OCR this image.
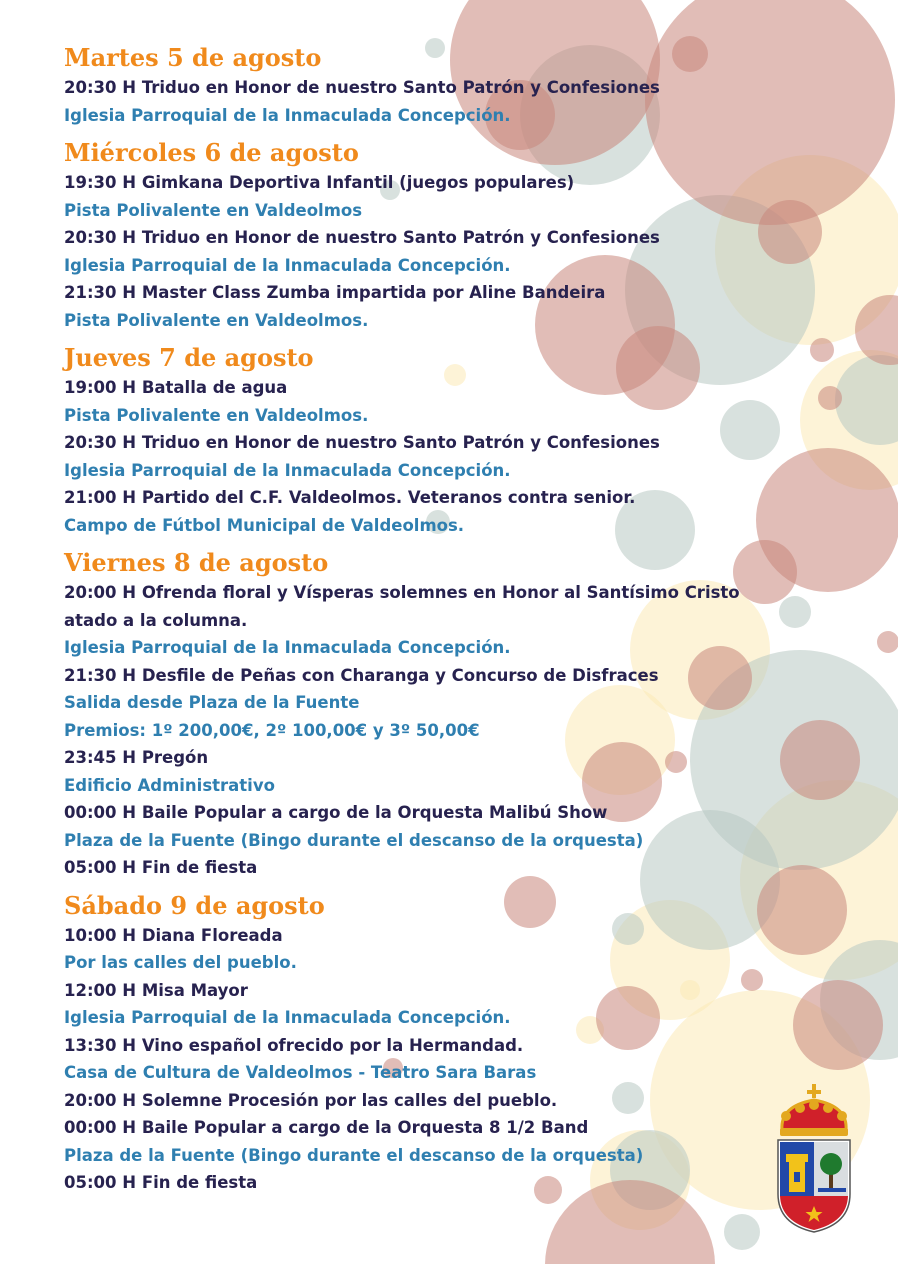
Martes 5 de agosto

20:30 H Triduo en Honor de nuestro Santo Patrón y Confesiones

Iglesia Parroquial de la Inmaculada Concepción.

Miércoles 6 de agosto

19:30 H Gimkana Deportiva Infantil (juegos populares)

Pista Polivalente en Valdeolmos

20:30 H Triduo en Honor de nuestro Santo Patrón y Confesiones

Iglesia Parroquial de la Inmaculada Concepción.

21:30 H Master Class Zumba impartida por Aline Bandeira

Pista Polivalente en Valdeolmos.

Jueves 7 de agosto

19:00 H Batalla de agua

Pista Polivalente en Valdeolmos.

20:30 H Triduo en Honor de nuestro Santo Patrón y Confesiones

Iglesia Parroquial de la Inmaculada Concepción.

21:00 H Partido del C.F. Valdeolmos. Veteranos contra senior.

Campo de Fútbol Municipal de Valdeolmos.

Viernes 8 de agosto

20:00 H Ofrenda floral y Vísperas solemnes en Honor al Santísimo Cristo atado a la columna.

Iglesia Parroquial de la Inmaculada Concepción.

21:30 H Desfile de Peñas con Charanga y Concurso de Disfraces

Salida desde Plaza de la Fuente

Premios: 1º 200,00€, 2º 100,00€ y 3º 50,00€

23:45 H Pregón

Edificio Administrativo

00:00 H Baile Popular a cargo de la Orquesta Malibú Show

Plaza de la Fuente (Bingo durante el descanso de la orquesta)

05:00 H Fin de fiesta

Sábado 9 de agosto

10:00 H Diana Floreada

Por las calles del pueblo.

12:00 H Misa Mayor

Iglesia Parroquial de la Inmaculada Concepción.

13:30 H Vino español ofrecido por la Hermandad.

Casa de Cultura de Valdeolmos - Teatro Sara Baras

20:00 H Solemne Procesión por las calles del pueblo.

00:00 H Baile Popular a cargo de la Orquesta 8 1/2 Band

Plaza de la Fuente (Bingo durante el descanso de la orquesta)

05:00 H Fin de fiesta
